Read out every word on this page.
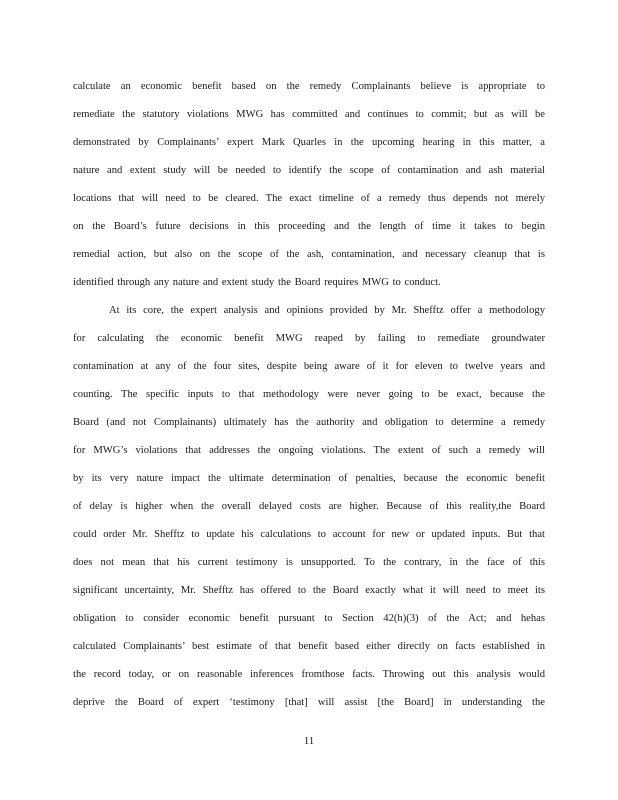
calculate an economic benefit based on the remedy Complainants believe is appropriate to
remediate the statutory violations MWG has committed and continues to commit; but as will be
demonstrated by Complainants’ expert Mark Quarles in the upcoming hearing in this matter, a
nature and extent study will be needed to identify the scope of contamination and ash material
locations that will need to be cleared. The exact timeline of a remedy thus depends not merely
on the Board’s future decisions in this proceeding and the length of time it takes to begin
remedial action, but also on the scope of the ash, contamination, and necessary cleanup that is
identified through any nature and extent study the Board requires MWG to conduct.
At its core, the expert analysis and opinions provided by Mr. Shefftz offer a methodology
for calculating the economic benefit MWG reaped by failing to remediate groundwater
contamination at any of the four sites, despite being aware of it for eleven to twelve years and
counting. The specific inputs to that methodology were never going to be exact, because the
Board (and not Complainants) ultimately has the authority and obligation to determine a remedy
for MWG’s violations that addresses the ongoing violations. The extent of such a remedy will
by its very nature impact the ultimate determination of penalties, because the economic benefit
of delay is higher when the overall delayed costs are higher. Because of this reality,the Board
could order Mr. Shefftz to update his calculations to account for new or updated inputs. But that
does not mean that his current testimony is unsupported. To the contrary, in the face of this
significant uncertainty, Mr. Shefftz has offered to the Board exactly what it will need to meet its
obligation to consider economic benefit pursuant to Section 42(h)(3) of the Act; and hehas
calculated Complainants’ best estimate of that benefit based either directly on facts established in
the record today, or on reasonable inferences fromthose facts. Throwing out this analysis would
deprive the Board of expert ‘testimony [that] will assist [the Board] in understanding the
11
